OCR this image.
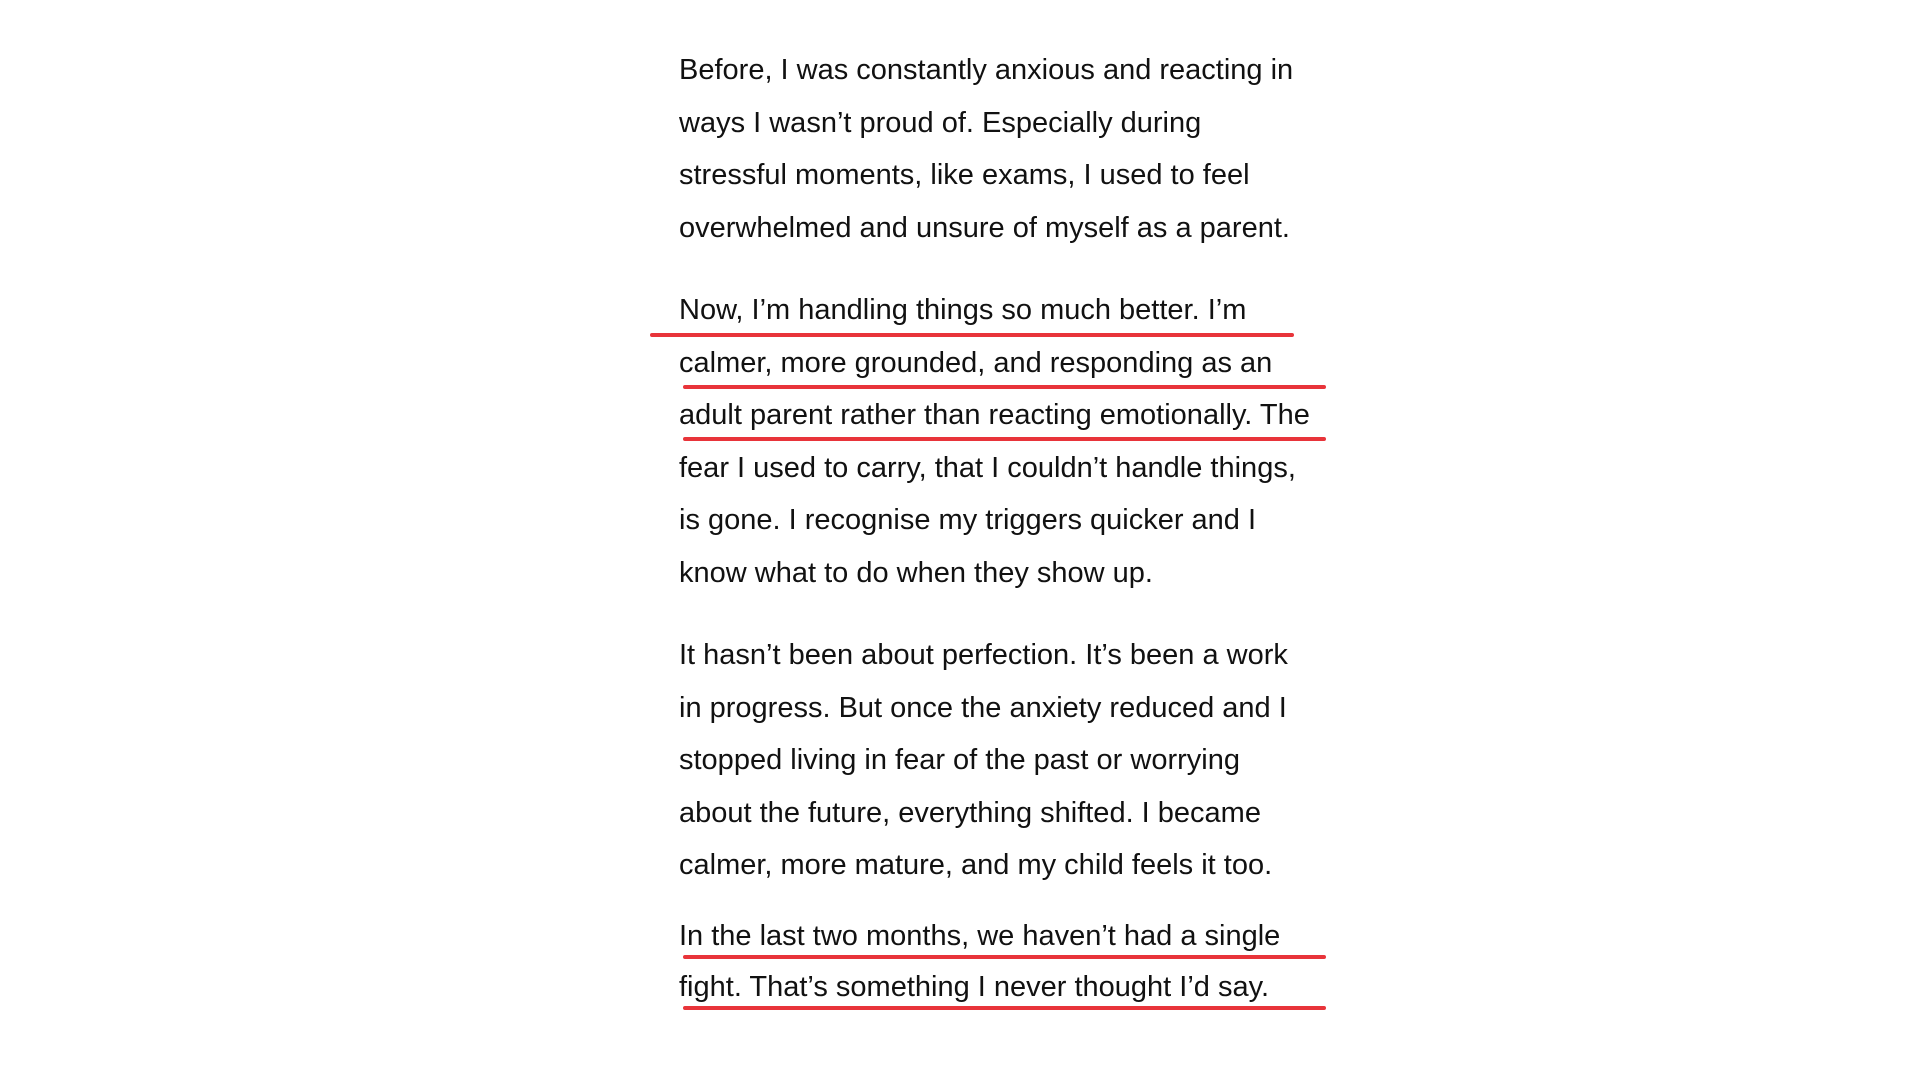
Before, I was constantly anxious and reacting in
ways I wasn’t proud of. Especially during
stressful moments, like exams, I used to feel
overwhelmed and unsure of myself as a parent.
Now, I’m handling things so much better. I’m
calmer, more grounded, and responding as an
adult parent rather than reacting emotionally. The
fear I used to carry, that I couldn’t handle things,
is gone. I recognise my triggers quicker and I
know what to do when they show up.
It hasn’t been about perfection. It’s been a work
in progress. But once the anxiety reduced and I
stopped living in fear of the past or worrying
about the future, everything shifted. I became
calmer, more mature, and my child feels it too.
In the last two months, we haven’t had a single
fight. That’s something I never thought I’d say.
